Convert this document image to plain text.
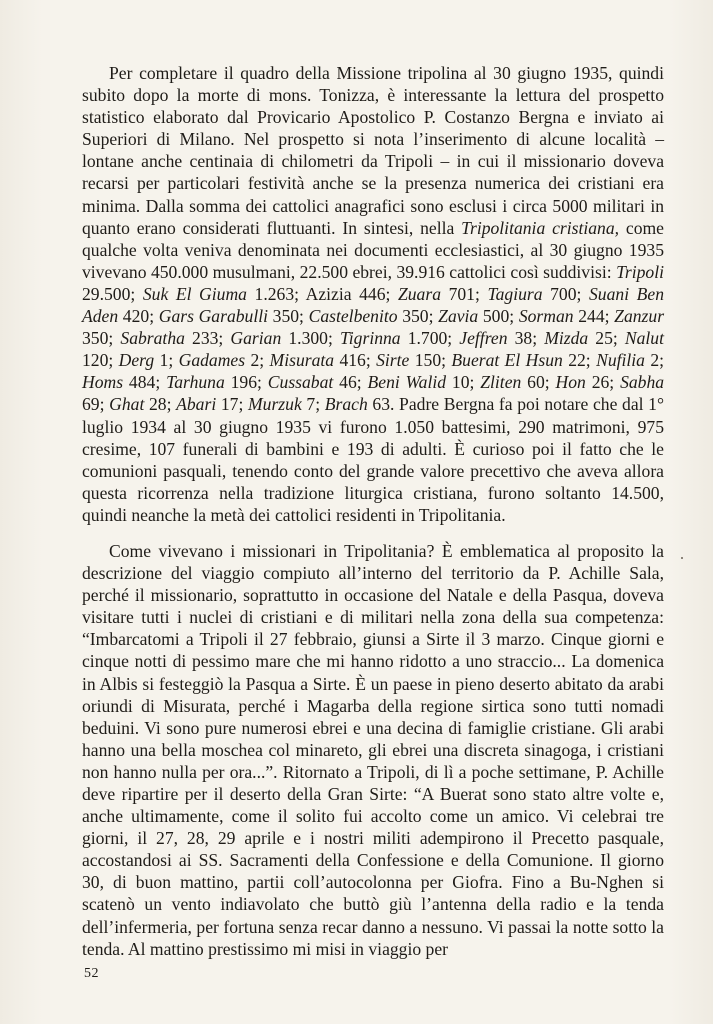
Per completare il quadro della Missione tripolina al 30 giugno 1935, quindi subito dopo la morte di mons. Tonizza, è interessante la lettura del prospetto statistico elaborato dal Provicario Apostolico P. Costanzo Bergna e inviato ai Superiori di Milano. Nel prospetto si nota l’inserimento di alcune località – lontane anche centinaia di chilometri da Tripoli – in cui il missionario doveva recarsi per particolari festività anche se la presenza numerica dei cristiani era minima. Dalla somma dei cattolici anagrafici sono esclusi i circa 5000 militari in quanto erano considerati fluttuanti. In sintesi, nella Tripolitania cristiana, come qualche volta veniva denominata nei documenti ecclesiastici, al 30 giugno 1935 vivevano 450.000 musulmani, 22.500 ebrei, 39.916 cattolici così suddivisi: Tripoli 29.500; Suk El Giuma 1.263; Azizia 446; Zuara 701; Tagiura 700; Suani Ben Aden 420; Gars Garabulli 350; Castelbenito 350; Zavia 500; Sorman 244; Zanzur 350; Sabratha 233; Garian 1.300; Tigrinna 1.700; Jeffren 38; Mizda 25; Nalut 120; Derg 1; Gadames 2; Misurata 416; Sirte 150; Buerat El Hsun 22; Nufilia 2; Homs 484; Tarhuna 196; Cussabat 46; Beni Walid 10; Zliten 60; Hon 26; Sabha 69; Ghat 28; Abari 17; Murzuk 7; Brach 63. Padre Bergna fa poi notare che dal 1° luglio 1934 al 30 giugno 1935 vi furono 1.050 battesimi, 290 matrimoni, 975 cresime, 107 funerali di bambini e 193 di adulti. È curioso poi il fatto che le comunioni pasquali, tenendo conto del grande valore precettivo che aveva allora questa ricorrenza nella tradizione liturgica cristiana, furono soltanto 14.500, quindi neanche la metà dei cattolici residenti in Tripolitania.

Come vivevano i missionari in Tripolitania? È emblematica al proposito la descrizione del viaggio compiuto all’interno del territorio da P. Achille Sala, perché il missionario, soprattutto in occasione del Natale e della Pasqua, doveva visitare tutti i nuclei di cristiani e di militari nella zona della sua competenza: “Imbarcatomi a Tripoli il 27 febbraio, giunsi a Sirte il 3 marzo. Cinque giorni e cinque notti di pessimo mare che mi hanno ridotto a uno straccio... La domenica in Albis si festeggiò la Pasqua a Sirte. È un paese in pieno deserto abitato da arabi oriundi di Misurata, perché i Magarba della regione sirtica sono tutti nomadi beduini. Vi sono pure numerosi ebrei e una decina di famiglie cristiane. Gli arabi hanno una bella moschea col minareto, gli ebrei una discreta sinagoga, i cristiani non hanno nulla per ora...”. Ritornato a Tripoli, di lì a poche settimane, P. Achille deve ripartire per il deserto della Gran Sirte: “A Buerat sono stato altre volte e, anche ultimamente, come il solito fui accolto come un amico. Vi celebrai tre giorni, il 27, 28, 29 aprile e i nostri militi adempirono il Precetto pasquale, accostandosi ai SS. Sacramenti della Confessione e della Comunione. Il giorno 30, di buon mattino, partii coll’autocolonna per Giofra. Fino a Bu-Nghen si scatenò un vento indiavolato che buttò giù l’antenna della radio e la tenda dell’infermeria, per fortuna senza recar danno a nessuno. Vi passai la notte sotto la tenda. Al mattino prestissimo mi misi in viaggio per

52
